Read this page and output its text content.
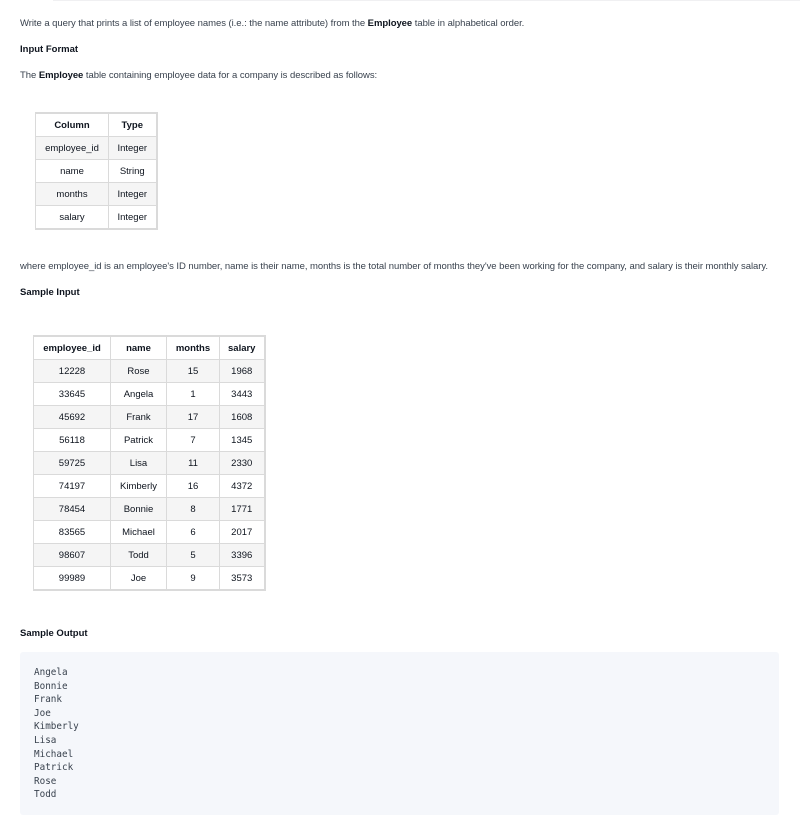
Write a query that prints a list of employee names (i.e.: the name attribute) from the Employee table in alphabetical order.
Input Format
The Employee table containing employee data for a company is described as follows:
Column	Type
employee_id	Integer
name	String
months	Integer
salary	Integer
where employee_id is an employee's ID number, name is their name, months is the total number of months they've been working for the company, and salary is their monthly salary.
Sample Input
employee_id	name	months	salary
12228	Rose	15	1968
33645	Angela	1	3443
45692	Frank	17	1608
56118	Patrick	7	1345
59725	Lisa	11	2330
74197	Kimberly	16	4372
78454	Bonnie	8	1771
83565	Michael	6	2017
98607	Todd	5	3396
99989	Joe	9	3573
Sample Output
Angela
Bonnie
Frank
Joe
Kimberly
Lisa
Michael
Patrick
Rose
Todd
